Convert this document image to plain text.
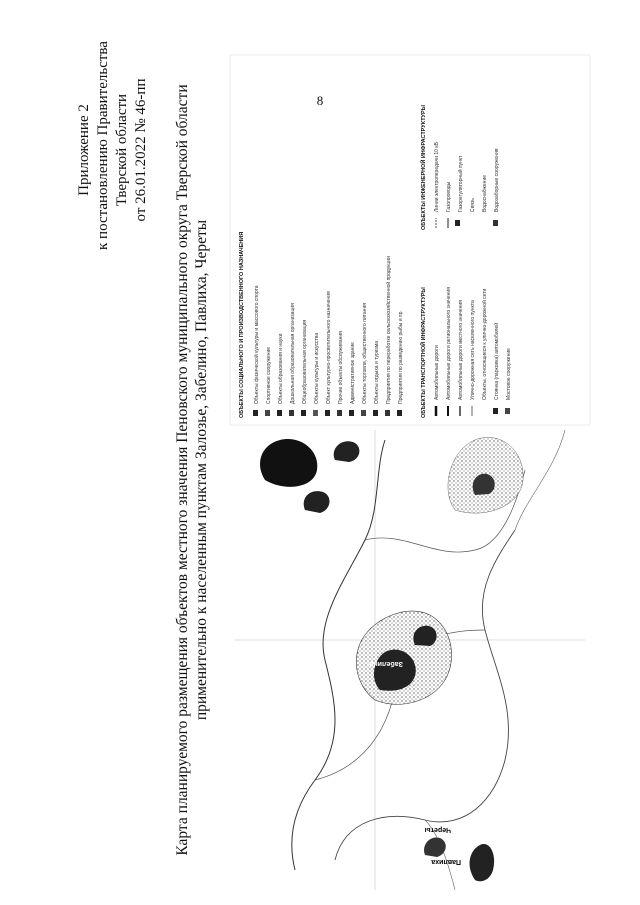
8
Приложение 2 к постановлению Правительства Тверской области от 26.01.2022 № 46-пп Карта планируемого размещения объектов местного значения Пеновского муниципального округа Тверской области применительно к населенным пунктам Залозье, Забелино, Павлиха, Череты
Павлиха
Череты
Забелино
ОБЪЕКТЫ СОЦИАЛЬНОГО И ПРОИЗВОДСТВЕННОГО НАЗНАЧЕНИЯ Объекты физической культуры и массового спорта Спортивное сооружение Объекты образования и науки Дошкольная образовательная организация Общеобразовательная организация Объекты культуры и искусства Объект культурно-просветительного назначения Прочие объекты обслуживания Административное здание Объекты торговли, общественного питания Объекты отдыха и туризма Предприятия по переработке сельскохозяйственной продукции Предприятия по разведению рыбы и пр.	ОБЪЕКТЫ ТРАНСПОРТНОЙ ИНФРАСТРУКТУРЫ Автомобильные дороги Автомобильные дороги регионального значения Автомобильные дороги местного значения Улично-дорожная сеть населенного пункта Объекты, относящиеся к улично-дорожной сети Стоянка (парковка) автомобилей Мостовое сооружение
ОБЪЕКТЫ ИНЖЕНЕРНОЙ ИНФРАСТРУКТУРЫ Линии электропередачи 10 кВ Газопроводы Газорегуляторный пункт Связь Водоснабжение Водозаборные сооружения
